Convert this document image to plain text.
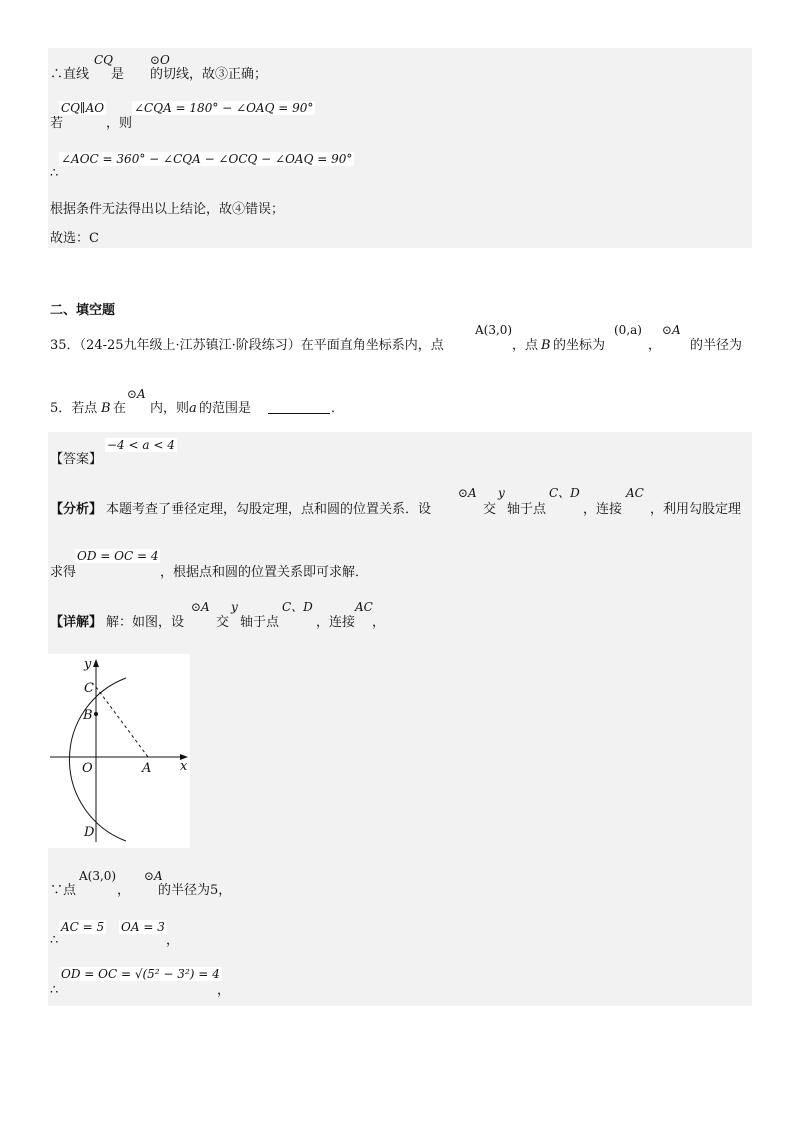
CQ	⊙O
∴直线 是 的切线，故③正确；
CQ∥AO ∠CQA = 180° − ∠OAQ = 90°
若	，则
∠AOC = 360° − ∠CQA − ∠OCQ − ∠OAQ = 90°
∴
根据条件无法得出以上结论，故④错误；
故选：C
二、填空题
A(3,0)	(0,a) ⊙A
35．（24-25九年级上·江苏镇江·阶段练习）在平面直角坐标系内，点	，点 B 的坐标为	， 的半径为
⊙A
5．若点 B 在 内，则 a 的范围是	．
−4 < a < 4
【答案】
⊙A y	C、D	AC
【分析】 本题考查了垂径定理，勾股定理，点和圆的位置关系．设	交 轴于点	，连接 ，利用勾股定理
OD = OC = 4
求得	，根据点和圆的位置关系即可求解．
⊙A y	C、D	AC
【详解】 解：如图，设 交 轴于点	，连接 ，
y
C
B
O	A x
D
A(3,0) ⊙A
∵点	， 的半径为5，
AC = 5 OA = 3
∴	，
OD = OC = √(5² − 3²) = 4
∴	，
